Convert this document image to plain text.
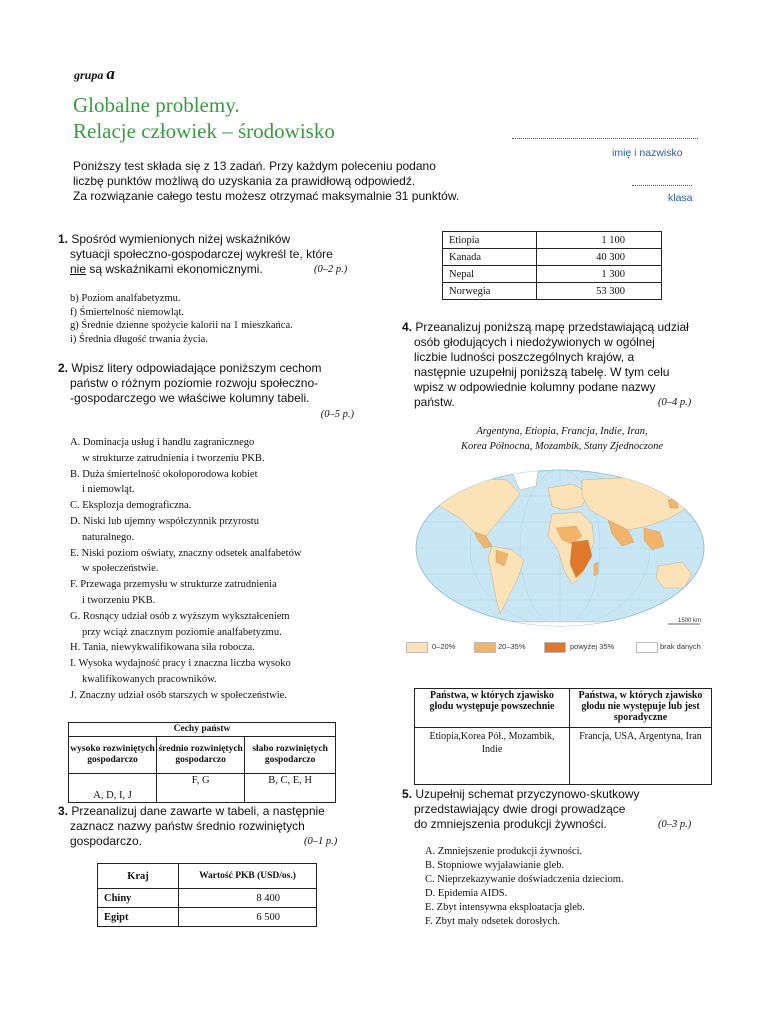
grupa a
Globalne problemy.
Relacje człowiek – środowisko
imię i nazwisko
klasa
Poniższy test składa się z 13 zadań. Przy każdym poleceniu podano
liczbę punktów możliwą do uzyskania za prawidłową odpowiedź.
Za rozwiązanie całego testu możesz otrzymać maksymalnie 31 punktów.
1. Spośród wymienionych niżej wskaźników
sytuacji społeczno-gospodarczej wykreśl te, które
nie są wskaźnikami ekonomicznymi.	(0–2 p.)
b) Poziom analfabetyzmu.
f) Śmiertelność niemowląt.
g) Średnie dzienne spożycie kalorii na 1 mieszkańca.
i) Średnia długość trwania życia.
2. Wpisz litery odpowiadające poniższym cechom
państw o różnym poziomie rozwoju społeczno-
-gospodarczego we właściwe kolumny tabeli.
(0–5 p.)
A. Dominacja usług i handlu zagranicznego
w strukturze zatrudnienia i tworzeniu PKB.
B. Duża śmiertelność okołoporodowa kobiet
i niemowląt.
C. Eksplozja demograficzna.
D. Niski lub ujemny współczynnik przyrostu
naturalnego.
E. Niski poziom oświaty, znaczny odsetek analfabetów
w społeczeństwie.
F. Przewaga przemysłu w strukturze zatrudnienia
i tworzeniu PKB.
G. Rosnący udział osób z wyższym wykształceniem
przy wciąż znacznym poziomie analfabetyzmu.
H. Tania, niewykwalifikowana siła robocza.
I. Wysoka wydajność pracy i znaczna liczba wysoko
kwalifikowanych pracowników.
J. Znaczny udział osób starszych w społeczeństwie.
Cechy państw		
wysoko rozwiniętych gospodarczo	średnio rozwiniętych gospodarczo	słabo rozwiniętych gospodarczo
A, D, I, J	F, G	B, C, E, H
3. Przeanalizuj dane zawarte w tabeli, a następnie
zaznacz nazwy państw średnio rozwiniętych
gospodarczo.	(0–1 p.)
Kraj	Wartość PKB (USD/os.)
Chiny	8 400
Egipt	6 500
Etiopia	1 100
Kanada	40 300
Nepal	1 300
Norwegia	53 300
4. Przeanalizuj poniższą mapę przedstawiającą udział
osób głodujących i niedożywionych w ogólnej
liczbie ludności poszczególnych krajów, a
następnie uzupełnij poniższą tabelę. W tym celu
wpisz w odpowiednie kolumny podane nazwy
państw.	(0–4 p.)
Argentyna, Etiopia, Francja, Indie, Iran,
Korea Północna, Mozambik, Stany Zjednoczone
1500 km
0–20%	20–35%	powyżej 35%	brak danych
Państwa, w których zjawisko głodu występuje powszechnie	Państwa, w których zjawisko głodu nie występuje lub jest sporadyczne
Etiopia,Korea Pół., Mozambik, Indie	Francja, USA, Argentyna, Iran
5. Uzupełnij schemat przyczynowo-skutkowy
przedstawiający dwie drogi prowadzące
do zmniejszenia produkcji żywności.	(0–3 p.)
A. Zmniejszenie produkcji żywności.
B. Stopniowe wyjaławianie gleb.
C. Nieprzekazywanie doświadczenia dzieciom.
D. Epidemia AIDS.
E. Zbyt intensywna eksploatacja gleb.
F. Zbyt mały odsetek dorosłych.
